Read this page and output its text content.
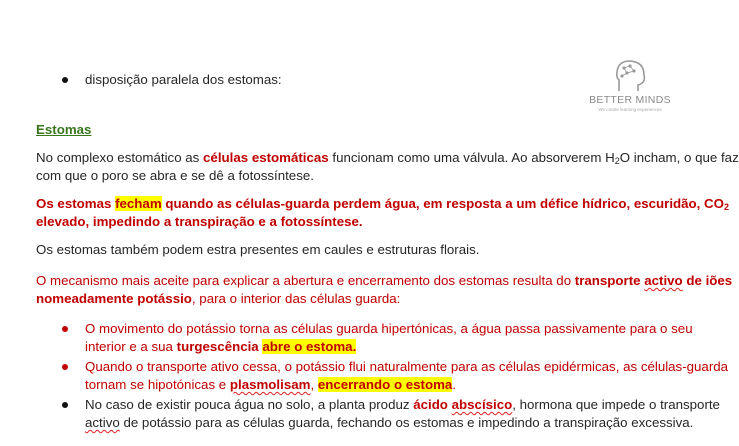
BETTER MINDS
We create learning experiences
disposição paralela dos estomas:
Estomas
No complexo estomático as células estomáticas funcionam como uma válvula. Ao absorverem $H_2O$ incham, o que faz
com que o poro se abra e se dê a fotossíntese.
Os estomas fecham quando as células-guarda perdem água, em resposta a um défice hídrico, escuridão, $CO_2$
elevado, impedindo a transpiração e a fotossíntese.
Os estomas também podem estra presentes em caules e estruturas florais.
O mecanismo mais aceite para explicar a abertura e encerramento dos estomas resulta do transporte activo de iões
nomeadamente potássio, para o interior das células guarda:
O movimento do potássio torna as células guarda hipertónicas, a água passa passivamente para o seu
interior e a sua turgescência abre o estoma.
Quando o transporte ativo cessa, o potássio flui naturalmente para as células epidérmicas, as células-guarda
tornam se hipotónicas e plasmolisam, encerrando o estoma.
No caso de existir pouca água no solo, a planta produz ácido abscísico, hormona que impede o transporte
activo de potássio para as células guarda, fechando os estomas e impedindo a transpiração excessiva.
